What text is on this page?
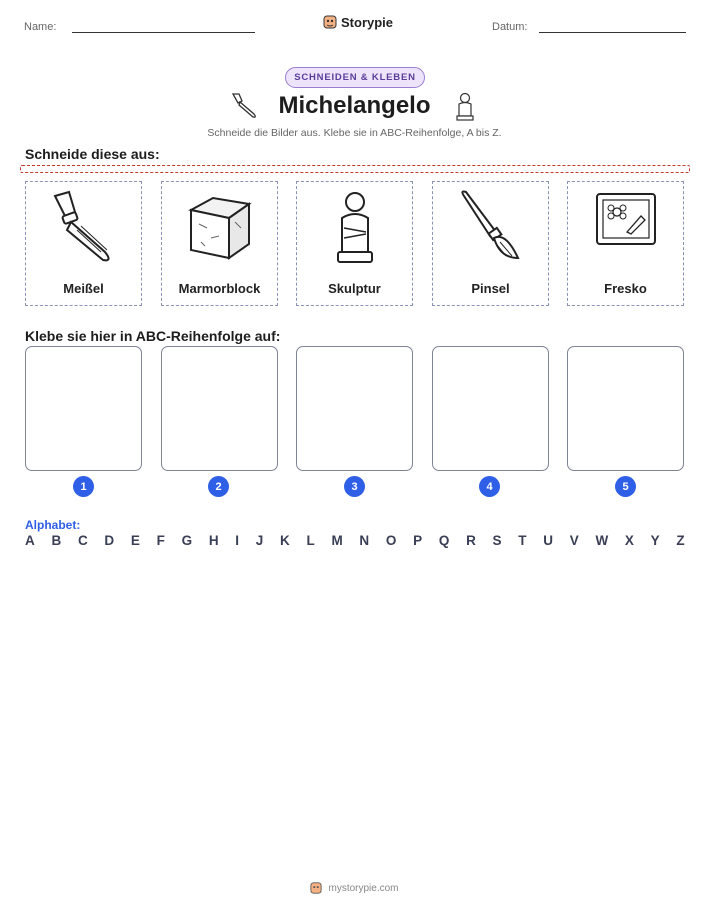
Name:	Storypie	Datum:
SCHNEIDEN & KLEBEN
Michelangelo
Schneide die Bilder aus. Klebe sie in ABC-Reihenfolge, A bis Z.
Schneide diese aus:
Meißel	Marmorblock	Skulptur	Pinsel	Fresko
Klebe sie hier in ABC-Reihenfolge auf:
1	2	3	4	5
Alphabet:
A B C D E F G H I J K L M N O P Q R S T U V W X Y Z
mystorypie.com
